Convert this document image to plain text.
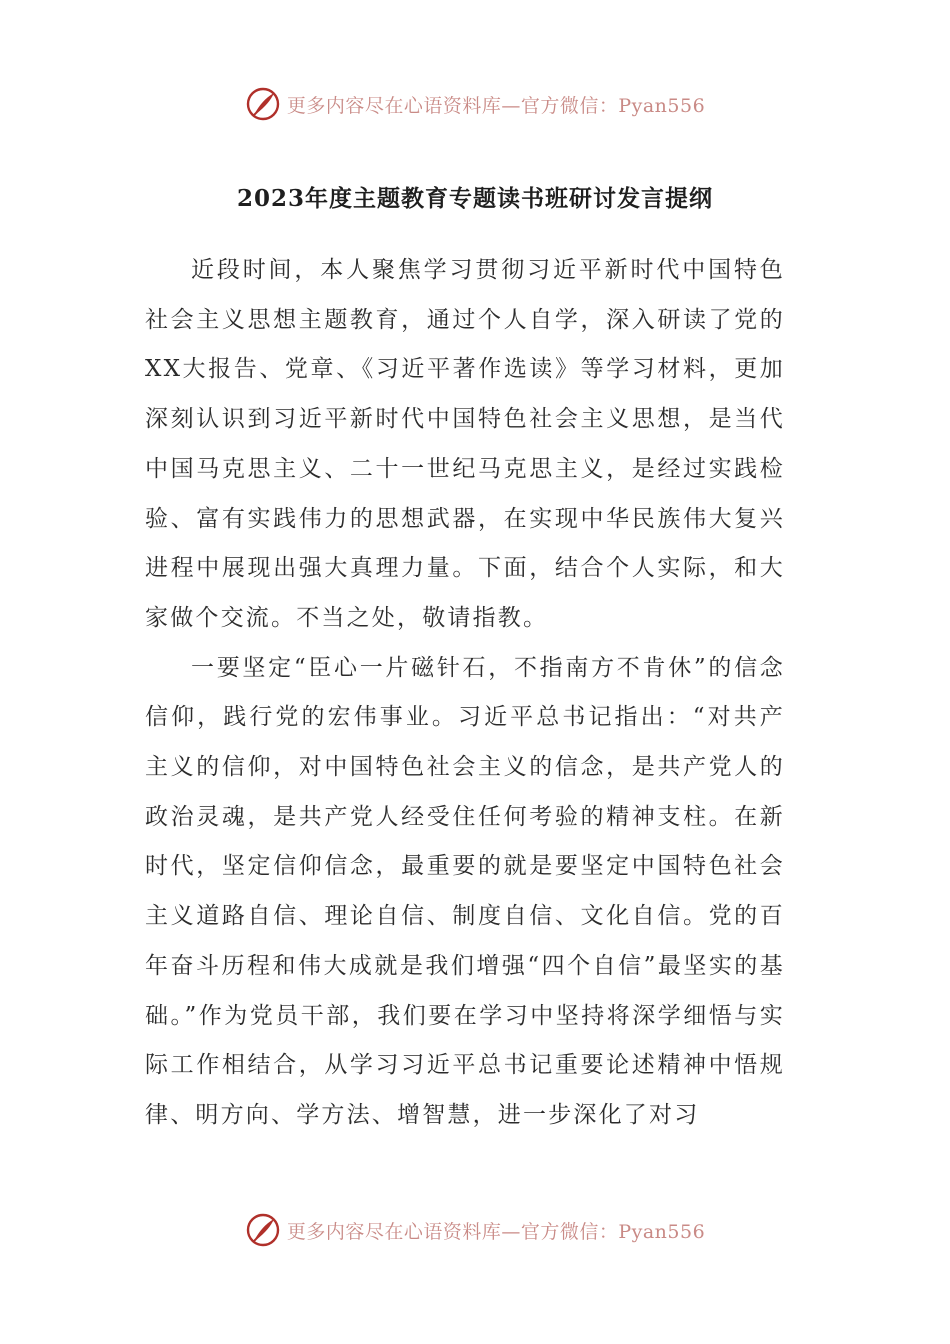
更多内容尽在心语资料库—官方微信：Pyan556
2023年度主题教育专题读书班研讨发言提纲

近段时间，本人聚焦学习贯彻习近平新时代中国特色社会主义思想主题教育，通过个人自学，深入研读了党的XX大报告、党章、《习近平著作选读》等学习材料，更加深刻认识到习近平新时代中国特色社会主义思想，是当代中国马克思主义、二十一世纪马克思主义，是经过实践检验、富有实践伟力的思想武器，在实现中华民族伟大复兴进程中展现出强大真理力量。下面，结合个人实际，和大家做个交流。不当之处，敬请指教。

一要坚定“臣心一片磁针石，不指南方不肯休”的信念信仰，践行党的宏伟事业。习近平总书记指出：“对共产主义的信仰，对中国特色社会主义的信念，是共产党人的政治灵魂，是共产党人经受住任何考验的精神支柱。在新时代，坚定信仰信念，最重要的就是要坚定中国特色社会主义道路自信、理论自信、制度自信、文化自信。党的百年奋斗历程和伟大成就是我们增强“四个自信”最坚实的基础。”作为党员干部，我们要在学习中坚持将深学细悟与实际工作相结合，从学习习近平总书记重要论述精神中悟规律、明方向、学方法、增智慧，进一步深化了对习

更多内容尽在心语资料库—官方微信：Pyan556
